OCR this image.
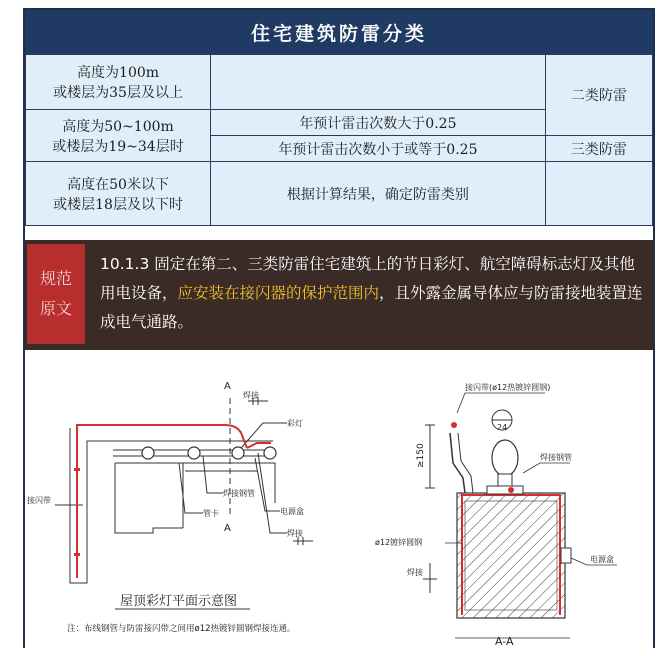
住宅建筑防雷分类
高度为100m
或楼层为35层及以上		二类防雷

高度为50~100m
或楼层为19~34层时	年预计雷击次数大于0.25	
	年预计雷击次数小于或等于0.25	三类防雷

高度在50米以下
或楼层18层及以下时	根据计算结果，确定防雷类别	
规范
原文
10.1.3 固定在第二、三类防雷住宅建筑上的节日彩灯、航空障碍标志灯及其他用电设备，应安装在接闪器的保护范围内，且外露金属导体应与防雷接地装置连成电气通路。
A
A
彩灯
焊接钢管
管卡	电源盒
焊接
焊接
接闪带
屋顶彩灯平面示意图
注：布线钢管与防雷接闪带之间用ø12热镀锌圆钢焊接连通。
24
≥150
接闪带(ø12热镀锌圆钢)
焊接钢管
ø12镀锌圆钢
焊接
电源盒
A-A
